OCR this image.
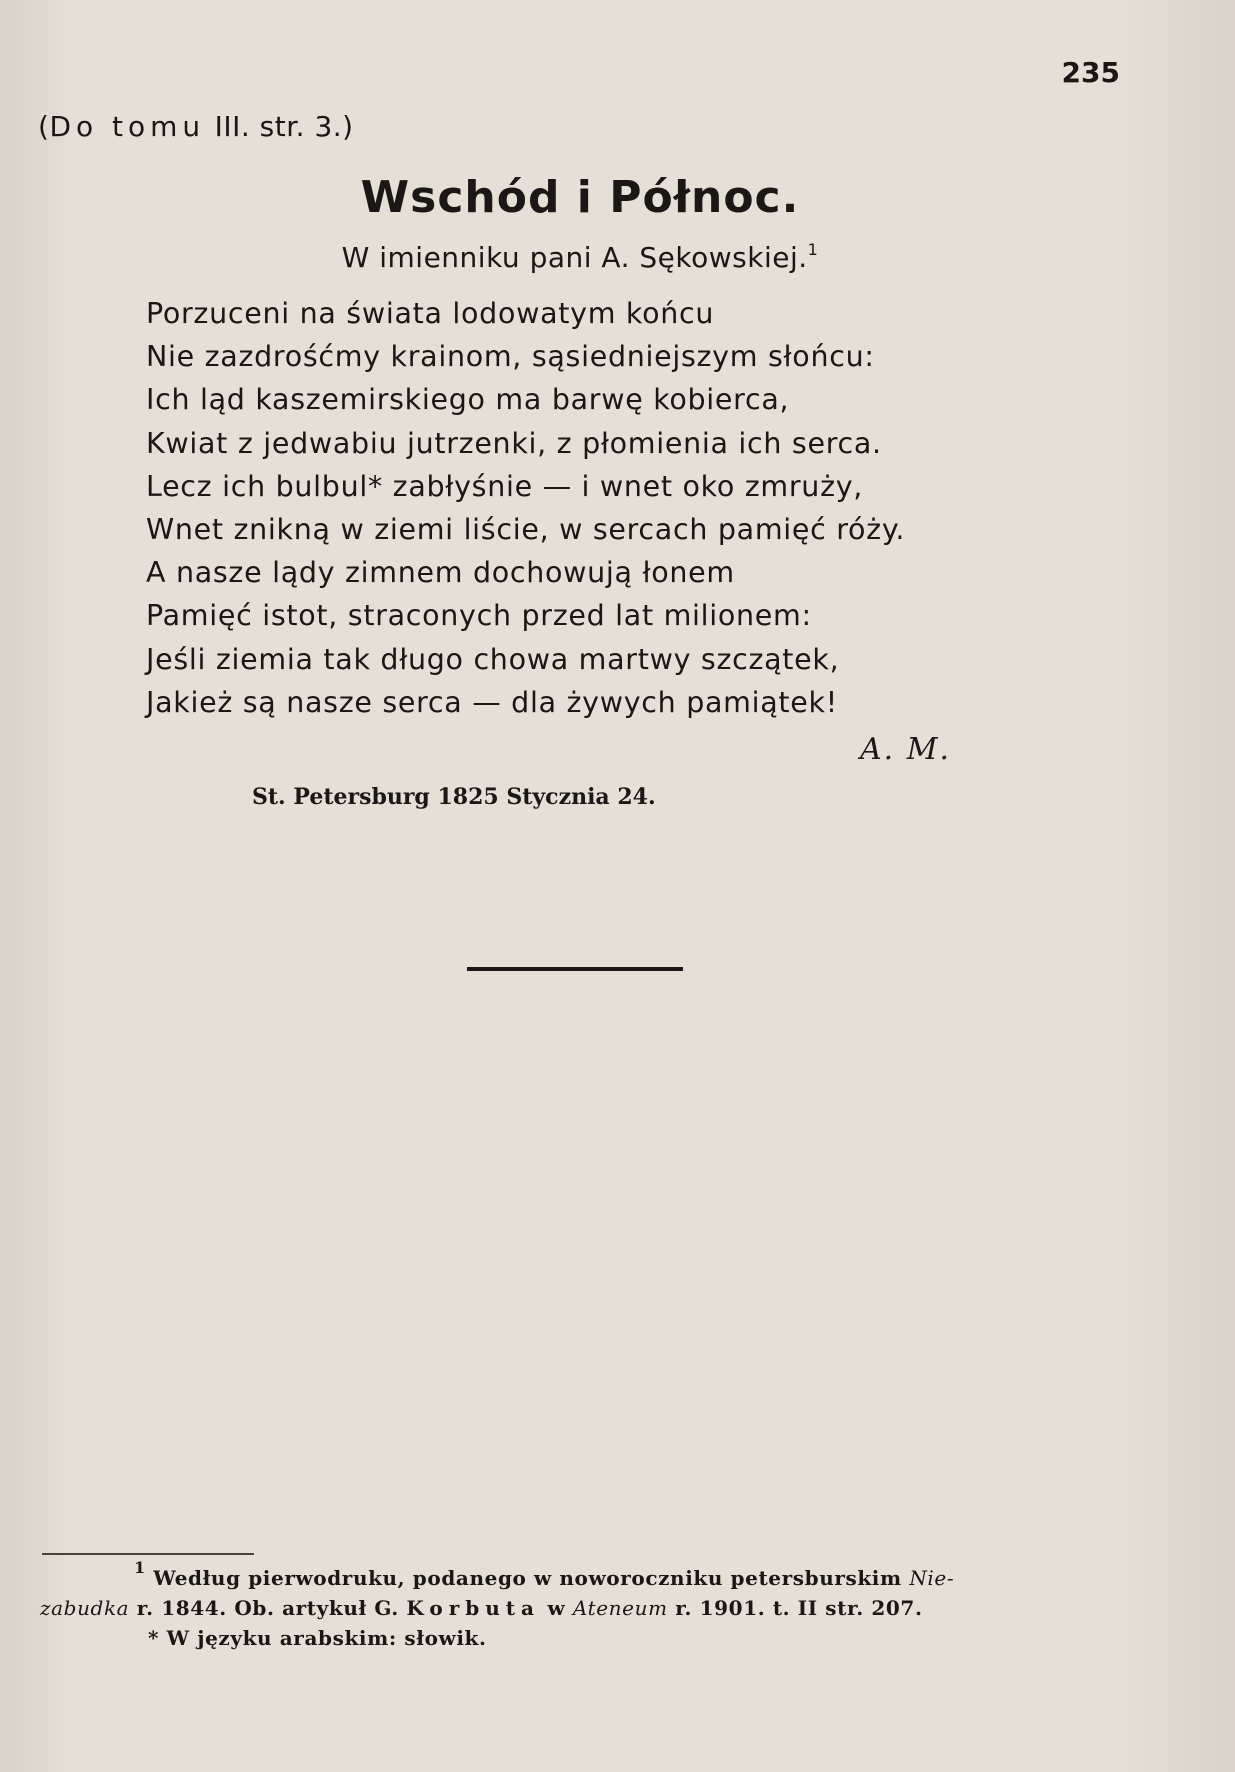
235
(Do tomu III. str. 3.)
Wschód i Północ.
W imienniku pani A. Sękowskiej.$^1$
Porzuceni na świata lodowatym końcu
Nie zazdrośćmy krainom, sąsiedniejszym słońcu:
Ich ląd kaszemirskiego ma barwę kobierca,
Kwiat z jedwabiu jutrzenki, z płomienia ich serca.
Lecz ich bulbul* zabłyśnie — i wnet oko zmruży,
Wnet znikną w ziemi liście, w sercach pamięć róży.
A nasze lądy zimnem dochowują łonem
Pamięć istot, straconych przed lat milionem:
Jeśli ziemia tak długo chowa martwy szczątek,
Jakież są nasze serca — dla żywych pamiątek!
A. M.
St. Petersburg 1825 Stycznia 24.

$^1$ Według pierwodruku, podanego w noworoczniku petersburskim Nie-

zabudka r. 1844. Ob. artykuł G. Korbuta w Ateneum r. 1901. t. II str. 207.

* W języku arabskim: słowik.
